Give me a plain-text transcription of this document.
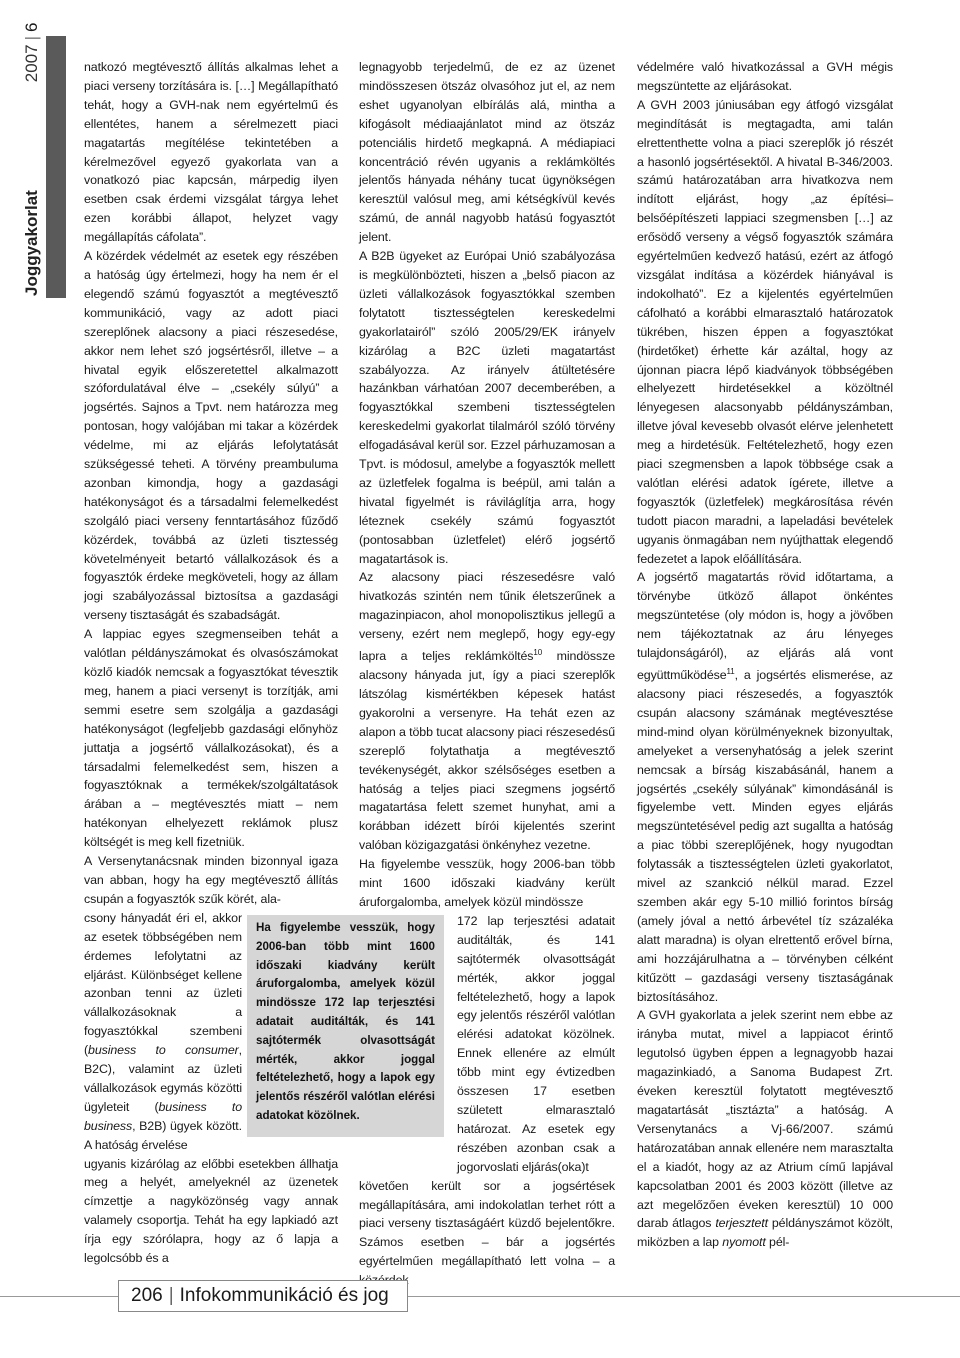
Joggyakorlat2007|6

natkozó megtévesztő állítás alkalmas lehet a piaci verseny torzítására is. […] Megállapítható tehát, hogy a GVH-nak nem egyértelmű és ellentétes, hanem a sérelmezett piaci magatartás megítélése tekintetében a kérelmezővel egyező gyakorlata van a vonatkozó piac kapcsán, márpedig ilyen esetben csak érdemi vizsgálat tárgya lehet ezen korábbi állapot, helyzet vagy megállapítás cáfolata”.

A közérdek védelmét az esetek egy részében a hatóság úgy értelmezi, hogy ha nem ér el elegendő számú fogyasztót a megtévesztő kommunikáció, vagy az adott piaci szereplőnek alacsony a piaci részesedése, akkor nem lehet szó jogsértésről, illetve – a hivatal egyik előszeretettel alkalmazott szófordulatával élve – „csekély súlyú” a jogsértés. Sajnos a Tpvt. nem határozza meg pontosan, hogy valójában mi takar a közérdek védelme, mi az eljárás lefolytatását szükségessé teheti. A törvény preambuluma azonban kimondja, hogy a gazdasági hatékonyságot és a társadalmi felemelkedést szolgáló piaci verseny fenntartásához fűződő közérdek, továbbá az üzleti tisztesség követelményeit betartó vállalkozások és a fogyasztók érdeke megköveteli, hogy az állam jogi szabályozással biztosítsa a gazdasági verseny tisztaságát és szabadságát.

A lappiac egyes szegmenseiben tehát a valótlan példányszámokat és olvasószámokat közlő kiadók nemcsak a fogyasztókat tévesztik meg, hanem a piaci versenyt is torzítják, ami semmi esetre sem szolgálja a gazdasági hatékonyságot (legfeljebb gazdasági előnyhöz juttatja a jogsértő vállalkozásokat), és a társadalmi felemelkedést sem, hiszen a fogyasztóknak a termékek/szolgáltatások árában a – megtévesztés miatt – nem hatékonyan elhelyezett reklámok plusz költségét is meg kell fizetniük.

A Versenytanácsnak minden bizonnyal igaza van abban, hogy ha egy megtévesztő állítás csupán a fogyasztók szűk körét, ala-

csony hányadát éri el, akkor az esetek többségében nem érdemes lefolytatni az eljárást. Különbséget kellene azonban tenni az üzleti vállalkozásoknak a fogyasztókkal szembeni (business to consumer, B2C), valamint az üzleti vállalkozások egymás közötti ügyleteit (business to business, B2B) ügyek között. A hatóság érvelése

ugyanis kizárólag az előbbi esetekben állhatja meg a helyét, amelyeknél az üzenetek címzettje a nagyközönség vagy annak valamely csoportja. Tehát ha egy lapkiadó azt írja egy szórólapra, hogy az ő lapja a legolcsóbb és a

Ha figyelembe vesszük, hogy 2006-ban több mint 1600 időszaki kiadvány került áruforgalomba, amelyek közül mindössze 172 lap terjesztési adatait auditálták, és 141 sajtótermék olvasottságát mérték, akkor joggal feltételezhető, hogy a lapok egy jelentős részéről valótlan elérési adatokat közölnek.

legnagyobb terjedelmű, de ez az üzenet mindösszesen ötszáz olvasóhoz jut el, az nem eshet ugyanolyan elbírálás alá, mintha a kifogásolt médiaajánlatot mind az ötszáz potenciális hirdető megkapná. A médiapiaci koncentráció révén ugyanis a reklámköltés jelentős hányada néhány tucat ügynökségen keresztül valósul meg, ami kétségkívül kevés számú, de annál nagyobb hatású fogyasztót jelent.

A B2B ügyeket az Európai Unió szabályozása is megkülönbözteti, hiszen a „belső piacon az üzleti vállalkozások fogyasztókkal szemben folytatott tisztességtelen kereskedelmi gyakorlatairól” szóló 2005/29/EK irányelv kizárólag a B2C üzleti magatartást szabályozza. Az irányelv átültetésére hazánkban várhatóan 2007 decemberében, a fogyasztókkal szembeni tisztességtelen kereskedelmi gyakorlat tilalmáról szóló törvény elfogadásával kerül sor. Ezzel párhuzamosan a Tpvt. is módosul, amelybe a fogyasztók mellett az üzletfelek fogalma is beépül, ami talán a hivatal figyelmét is ráviláglítja arra, hogy léteznek csekély számú fogyasztót (pontosabban üzletfelet) elérő jogsértő magatartások is.

Az alacsony piaci részesedésre való hivatkozás szintén nem tűnik életszerűnek a magazinpiacon, ahol monopolisztikus jellegű a verseny, ezért nem meglepő, hogy egy-egy lapra a teljes reklámköltés$^{10}$ mindössze alacsony hányada jut, így a piaci szereplők látszólag kismértékben képesek hatást gyakorolni a versenyre. Ha tehát ezen az alapon a több tucat alacsony piaci részesedésű szereplő folytathatja a megtévesztő tevékenységét, akkor szélsőséges esetben a hatóság a teljes piaci szegmens jogsértő magatartása felett szemet hunyhat, ami a korábban idézett bírói kijelentés szerint valóban közigazgatási önkényhez vezetne.

Ha figyelembe vesszük, hogy 2006-ban több mint 1600 időszaki kiadvány került áruforgalomba, amelyek közül mindössze

172 lap terjesztési adatait auditálták, és 141 sajtótermék olvasottságát mérték, akkor joggal feltételezhető, hogy a lapok egy jelentős részéről valótlan elérési adatokat közölnek. Ennek ellenére az elmúlt tőbb mint egy évtizedben összesen 17 esetben született elmarasztaló határozat. Az esetek egy részében azonban csak a jogorvoslati eljárás(oka)t

követően került sor a jogsértések megállapítására, ami indokolatlan terhet rótt a piaci verseny tisztaságáért küzdő bejelentőkre. Számos esetben – bár a jogsértés egyértelműen megállapítható lett volna – a

védelmére való hivatkozással a GVH mégis megszüntette az eljárásokat.

A GVH 2003 júniusában egy átfogó vizsgálat megindítását is megtagadta, ami talán elrettenthette volna a piaci szereplők jó részét a hasonló jogsértésektől. A hivatal B-346/2003. számú határozatában arra hivatkozva nem indított eljárást, hogy „az építési–belsőépítészeti lappiaci szegmensben […] az erősödő verseny a végső fogyasztók számára egyértelműen kedvező hatású, ezért az átfogó vizsgálat indítása a közérdek hiányával is indokolható”. Ez a kijelentés egyértelműen cáfolható a korábbi elmarasztaló határozatok tükrében, hiszen éppen a fogyasztókat (hirdetőket) érhette kár azáltal, hogy az újonnan piacra lépő kiadványok többségében elhelyezett hirdetésekkel a közöltnél lényegesen alacsonyabb példányszámban, illetve jóval kevesebb olvasót elérve jelenhetett meg a hirdetésük. Feltételezhető, hogy ezen piaci szegmensben a lapok többsége csak a valótlan elérési adatok ígérete, illetve a fogyasztók (üzletfelek) megkárosítása révén tudott piacon maradni, a lapeladási bevételek ugyanis önmagában nem nyújthattak elegendő fedezetet a lapok előállítására.

A jogsértő magatartás rövid időtartama, a törvénybe ütköző állapot önkéntes megszüntetése (oly módon is, hogy a jövőben nem tájékoztatnak az áru lényeges tulajdonságáról), az eljárás alá vont együttműködése$^{11}$, a jogsértés elismerése, az alacsony piaci részesedés, a fogyasztók csupán alacsony számának megtévesztése mind-mind olyan körülményeknek bizonyultak, amelyeket a versenyhatóság a jelek szerint nemcsak a bírság kiszabásánál, hanem a jogsértés „csekély súlyának” kimondásánál is figyelembe vett. Minden egyes eljárás megszüntetésével pedig azt sugallta a hatóság a piac többi szereplőjének, hogy nyugodtan folytassák a tisztességtelen üzleti gyakorlatot, mivel az szankció nélkül marad. Ezzel szemben akár egy 5-10 millió forintos bírság (amely jóval a nettó árbevétel tíz százaléka alatt maradna) is olyan elrettentő erővel bírna, ami hozzájárulhatna a – törvényben célként kitűzött – gazdasági verseny tisztaságának biztosításához.

A GVH gyakorlata a jelek szerint nem ebbe az irányba mutat, mivel a lappiacot érintő legutolsó ügyben éppen a legnagyobb hazai magazinkiadó, a Sanoma Budapest Zrt. éveken keresztül folytatott megtévesztő magatartását „tisztázta” a hatóság. A Versenytanács a Vj-66/2007. számú határozatában annak ellenére nem marasztalta el a kiadót, hogy az az Atrium című lapjával kapcsolatban 2001 és 2003 között (illetve az azt megelőzően éveken keresztül) 10 000 darab átlagos terjesztett példányszámot közölt, miközben a lap nyomott pél-

206 | Infokommunikáció és jog
